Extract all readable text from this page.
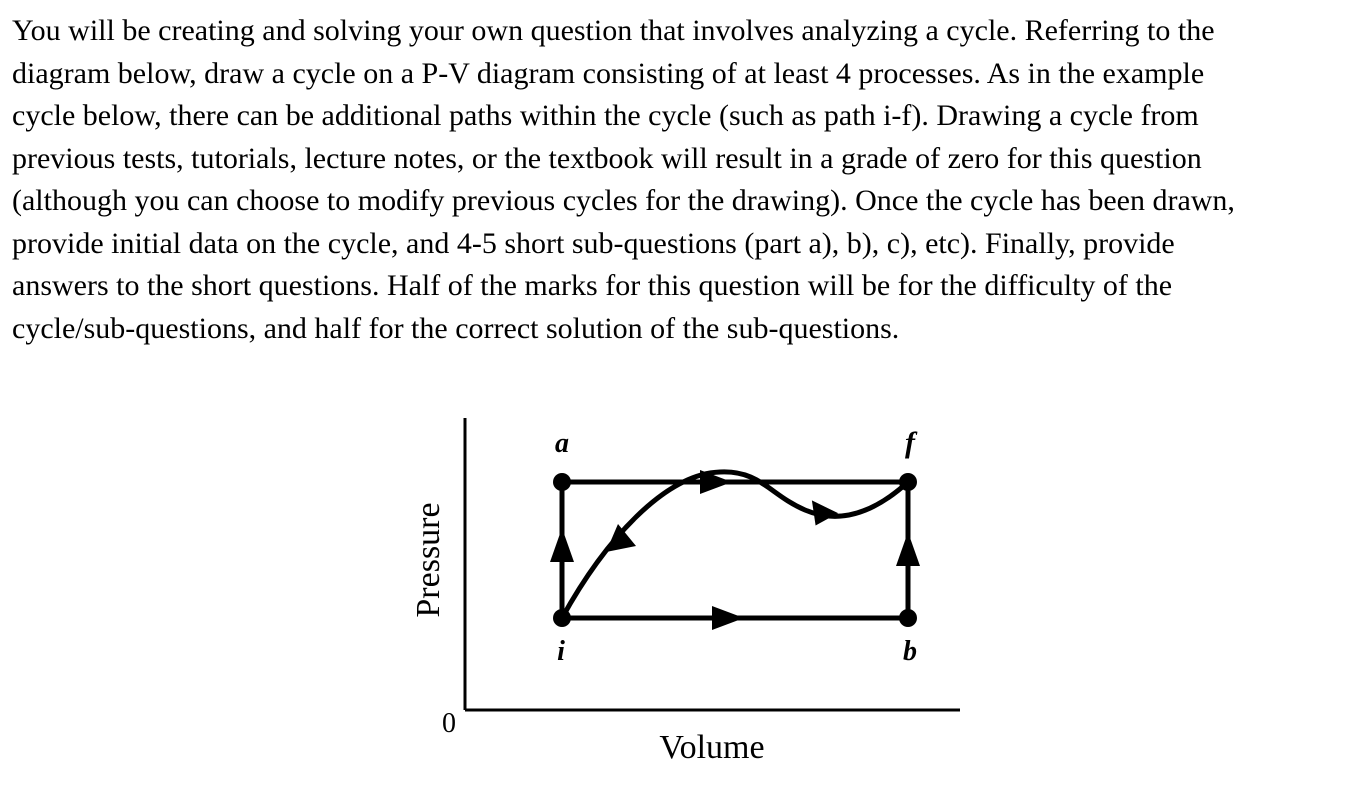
You will be creating and solving your own question that involves analyzing a cycle. Referring to the
diagram below, draw a cycle on a P-V diagram consisting of at least 4 processes. As in the example
cycle below, there can be additional paths within the cycle (such as path i-f). Drawing a cycle from
previous tests, tutorials, lecture notes, or the textbook will result in a grade of zero for this question
(although you can choose to modify previous cycles for the drawing). Once the cycle has been drawn,
provide initial data on the cycle, and 4-5 short sub-questions (part a), b), c), etc). Finally, provide
answers to the short questions. Half of the marks for this question will be for the difficulty of the
cycle/sub-questions, and half for the correct solution of the sub-questions.
Pressure
Volume
0
a	f
i	b
